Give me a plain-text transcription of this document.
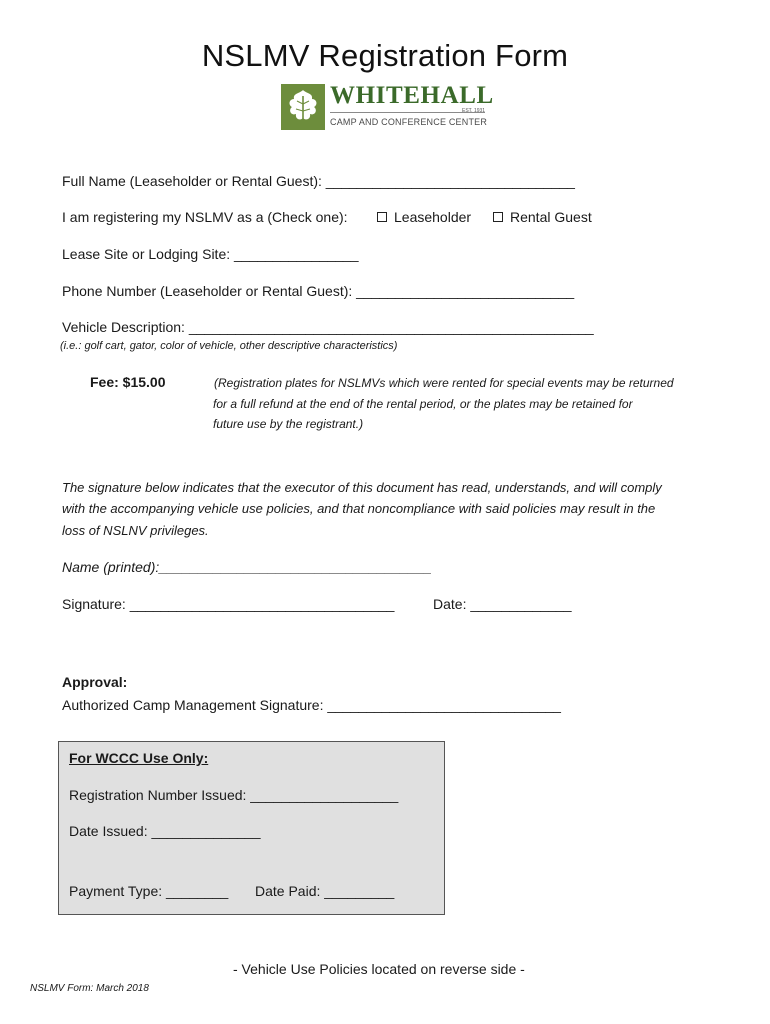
NSLMV Registration Form
WHITEHALL
EST. 1931
CAMP AND CONFERENCE CENTER
Full Name (Leaseholder or Rental Guest): ________________________________
I am registering my NSLMV as a (Check one):	Leaseholder	Rental Guest
Lease Site or Lodging Site: ________________
Phone Number (Leaseholder or Rental Guest): ____________________________
Vehicle Description: ____________________________________________________
(i.e.: golf cart, gator, color of vehicle, other descriptive characteristics)
Fee: $15.00	(Registration plates for NSLMVs which were rented for special events may be returned
for a full refund at the end of the rental period, or the plates may be retained for
future use by the registrant.)
The signature below indicates that the executor of this document has read, understands, and will comply
with the accompanying vehicle use policies, and that noncompliance with said policies may result in the
loss of NSLNV privileges.
Name (printed):___________________________________
Signature: __________________________________	Date: _____________
Approval:
Authorized Camp Management Signature: ______________________________
For WCCC Use Only:
Registration Number Issued: ___________________
Date Issued: ______________
Payment Type: ________ Date Paid: _________
- Vehicle Use Policies located on reverse side -
NSLMV Form: March 2018
